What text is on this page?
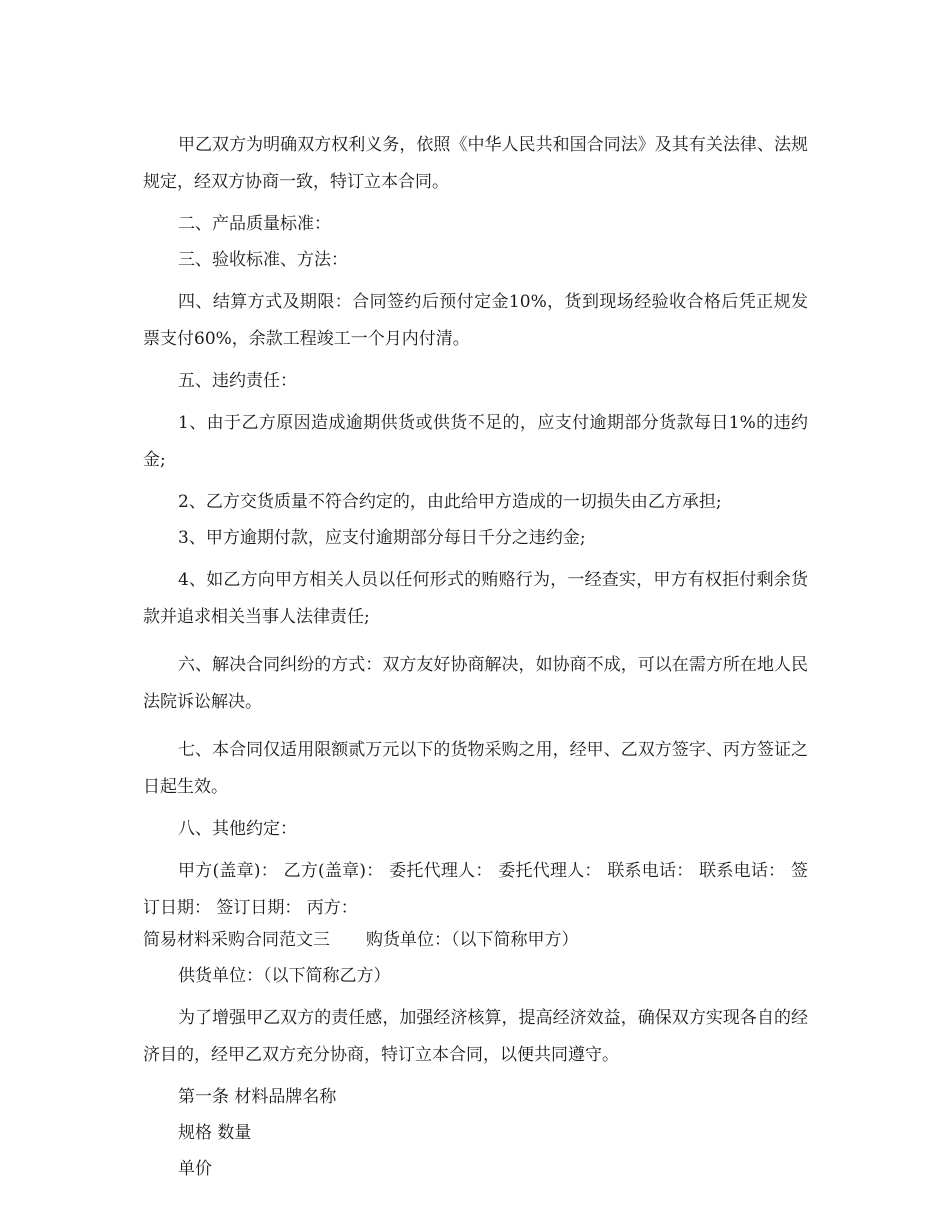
甲乙双方为明确双方权利义务，依照《中华人民共和国合同法》及其有关法律、法规规定，经双方协商一致，特订立本合同。

二、产品质量标准：

三、验收标准、方法：

四、结算方式及期限：合同签约后预付定金10%，货到现场经验收合格后凭正规发票支付60%，余款工程竣工一个月内付清。

五、违约责任：

1、由于乙方原因造成逾期供货或供货不足的，应支付逾期部分货款每日1%的违约金;

2、乙方交货质量不符合约定的，由此给甲方造成的一切损失由乙方承担;

3、甲方逾期付款，应支付逾期部分每日千分之违约金;

4、如乙方向甲方相关人员以任何形式的贿赂行为，一经查实，甲方有权拒付剩余货款并追求相关当事人法律责任;

六、解决合同纠纷的方式：双方友好协商解决，如协商不成，可以在需方所在地人民法院诉讼解决。

七、本合同仅适用限额贰万元以下的货物采购之用，经甲、乙双方签字、丙方签证之日起生效。

八、其他约定：

甲方(盖章)： 乙方(盖章)： 委托代理人： 委托代理人： 联系电话： 联系电话： 签订日期： 签订日期： 丙方：

简易材料采购合同范文三 购货单位：（以下简称甲方）

供货单位：（以下简称乙方）

为了增强甲乙双方的责任感，加强经济核算，提高经济效益，确保双方实现各自的经济目的，经甲乙双方充分协商，特订立本合同，以便共同遵守。

第一条 材料品牌名称

规格 数量

单价
